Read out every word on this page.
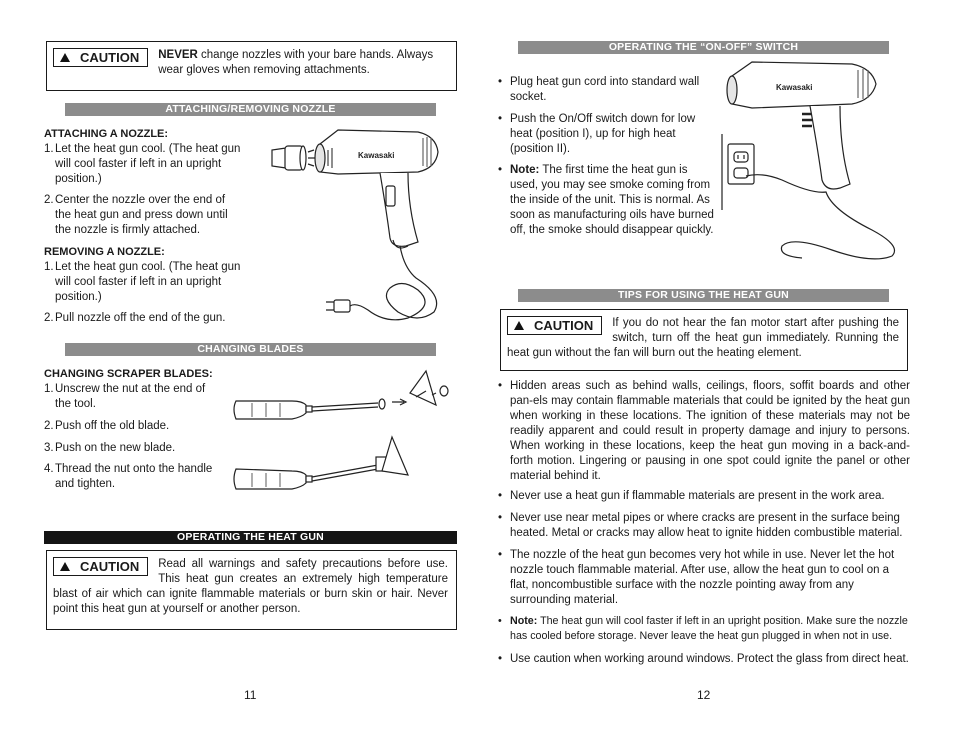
CAUTION	NEVER change nozzles with your bare hands. Always wear gloves when removing attachments.
ATTACHING/REMOVING NOZZLE
ATTACHING A NOZZLE:
1. Let the heat gun cool. (The heat gun will cool faster if left in an upright position.)
2. Center the nozzle over the end of the heat gun and press down until the nozzle is firmly attached.
REMOVING A NOZZLE:
1. Let the heat gun cool. (The heat gun will cool faster if left in an upright position.)
2. Pull nozzle off the end of the gun.
Kawasaki
CHANGING BLADES
CHANGING SCRAPER BLADES:
1. Unscrew the nut at the end of the tool.
2. Push off the old blade.
3. Push on the new blade.
4. Thread the nut onto the handle and tighten.
OPERATING THE HEAT GUN
CAUTION	Read all warnings and safety precautions before use. This heat gun creates an extremely high temperature blast of air which can ignite flammable materials or burn skin or hair. Never point this heat gun at yourself or another person.
11
OPERATING THE “ON-OFF” SWITCH
• Plug heat gun cord into standard wall socket.
• Push the On/Off switch down for low heat (position I), up for high heat (position II).
• Note: The first time the heat gun is used, you may see smoke coming from the inside of the unit. This is normal. As soon as manufacturing oils have burned off, the smoke should disappear quickly.
Kawasaki
TIPS FOR USING THE HEAT GUN
CAUTION	If you do not hear the fan motor start after pushing the switch, turn off the heat gun immediately. Running the heat gun without the fan will burn out the heating element.
• Hidden areas such as behind walls, ceilings, floors, soffit boards and other pan-els may contain flammable materials that could be ignited by the heat gun when working in these locations. The ignition of these materials may not be readily apparent and could result in property damage and injury to persons. When working in these locations, keep the heat gun moving in a back-and-forth motion. Lingering or pausing in one spot could ignite the panel or other material behind it.
• Never use a heat gun if flammable materials are present in the work area.
• Never use near metal pipes or where cracks are present in the surface being heated. Metal or cracks may allow heat to ignite hidden combustible material.
• The nozzle of the heat gun becomes very hot while in use. Never let the hot nozzle touch flammable material. After use, allow the heat gun to cool on a flat, noncombustible surface with the nozzle pointing away from any surrounding material.
• Note: The heat gun will cool faster if left in an upright position. Make sure the nozzle has cooled before storage. Never leave the heat gun plugged in when not in use.
• Use caution when working around windows. Protect the glass from direct heat.
12
